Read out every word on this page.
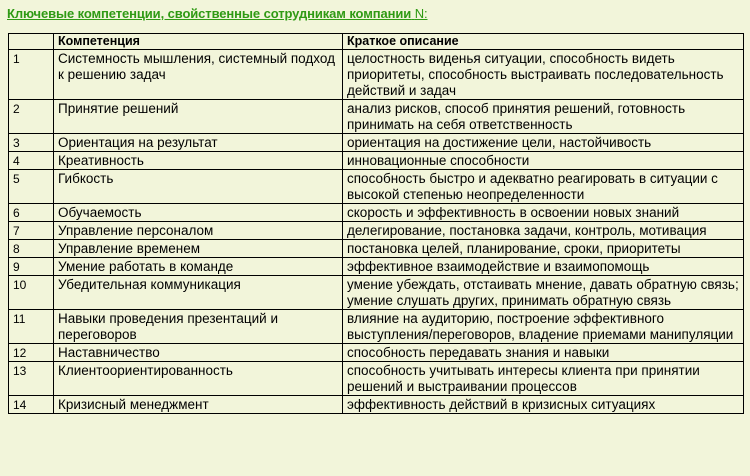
Ключевые компетенции, свойственные сотрудникам компании N:
	Компетенция	Краткое описание
1	Системность мышления, системный подход к решению задач	целостность виденья ситуации, способность видеть приоритеты, способность выстраивать последовательность действий и задач
2	Принятие решений	анализ рисков, способ принятия решений, готовность принимать на себя ответственность
3	Ориентация на результат	ориентация на достижение цели, настойчивость
4	Креативность	инновационные способности
5	Гибкость	способность быстро и адекватно реагировать в ситуации с высокой степенью неопределенности
6	Обучаемость	скорость и эффективность в освоении новых знаний
7	Управление персоналом	делегирование, постановка задачи, контроль, мотивация
8	Управление временем	постановка целей, планирование, сроки, приоритеты
9	Умение работать в команде	эффективное взаимодействие и взаимопомощь
10	Убедительная коммуникация	умение убеждать, отстаивать мнение, давать обратную связь; умение слушать других, принимать обратную связь
11	Навыки проведения презентаций и переговоров	влияние на аудиторию, построение эффективного выступления/переговоров, владение приемами манипуляции
12	Наставничество	способность передавать знания и навыки
13	Клиентоориентированность	способность учитывать интересы клиента при принятии решений и выстраивании процессов
14	Кризисный менеджмент	эффективность действий в кризисных ситуациях
